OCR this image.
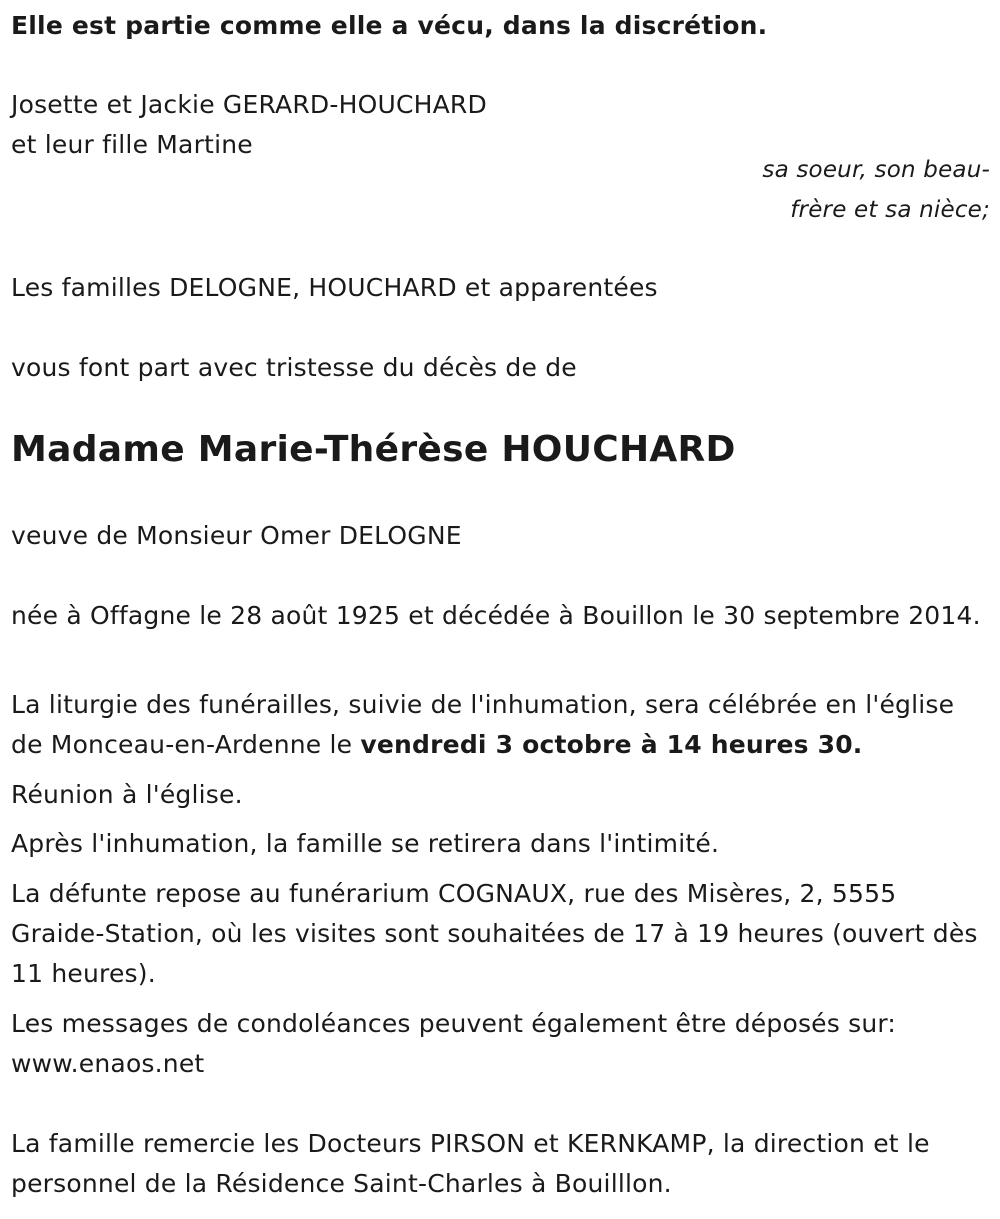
Elle est partie comme elle a vécu, dans la discrétion.

Josette et Jackie GERARD-HOUCHARD

et leur fille Martine

sa soeur, son beau-frère et sa nièce;

Les familles DELOGNE, HOUCHARD et apparentées

vous font part avec tristesse du décès de de

Madame Marie-Thérèse HOUCHARD

veuve de Monsieur Omer DELOGNE

née à Offagne le 28 août 1925 et décédée à Bouillon le 30 septembre 2014.

La liturgie des funérailles, suivie de l'inhumation, sera célébrée en l'église de Monceau-en-Ardenne le vendredi 3 octobre à 14 heures 30.

Réunion à l'église.

Après l'inhumation, la famille se retirera dans l'intimité.

La défunte repose au funérarium COGNAUX, rue des Misères, 2, 5555 Graide-Station, où les visites sont souhaitées de 17 à 19 heures (ouvert dès 11 heures).

Les messages de condoléances peuvent également être déposés sur:

www.enaos.net

La famille remercie les Docteurs PIRSON et KERNKAMP, la direction et le personnel de la Résidence Saint-Charles à Bouilllon.
